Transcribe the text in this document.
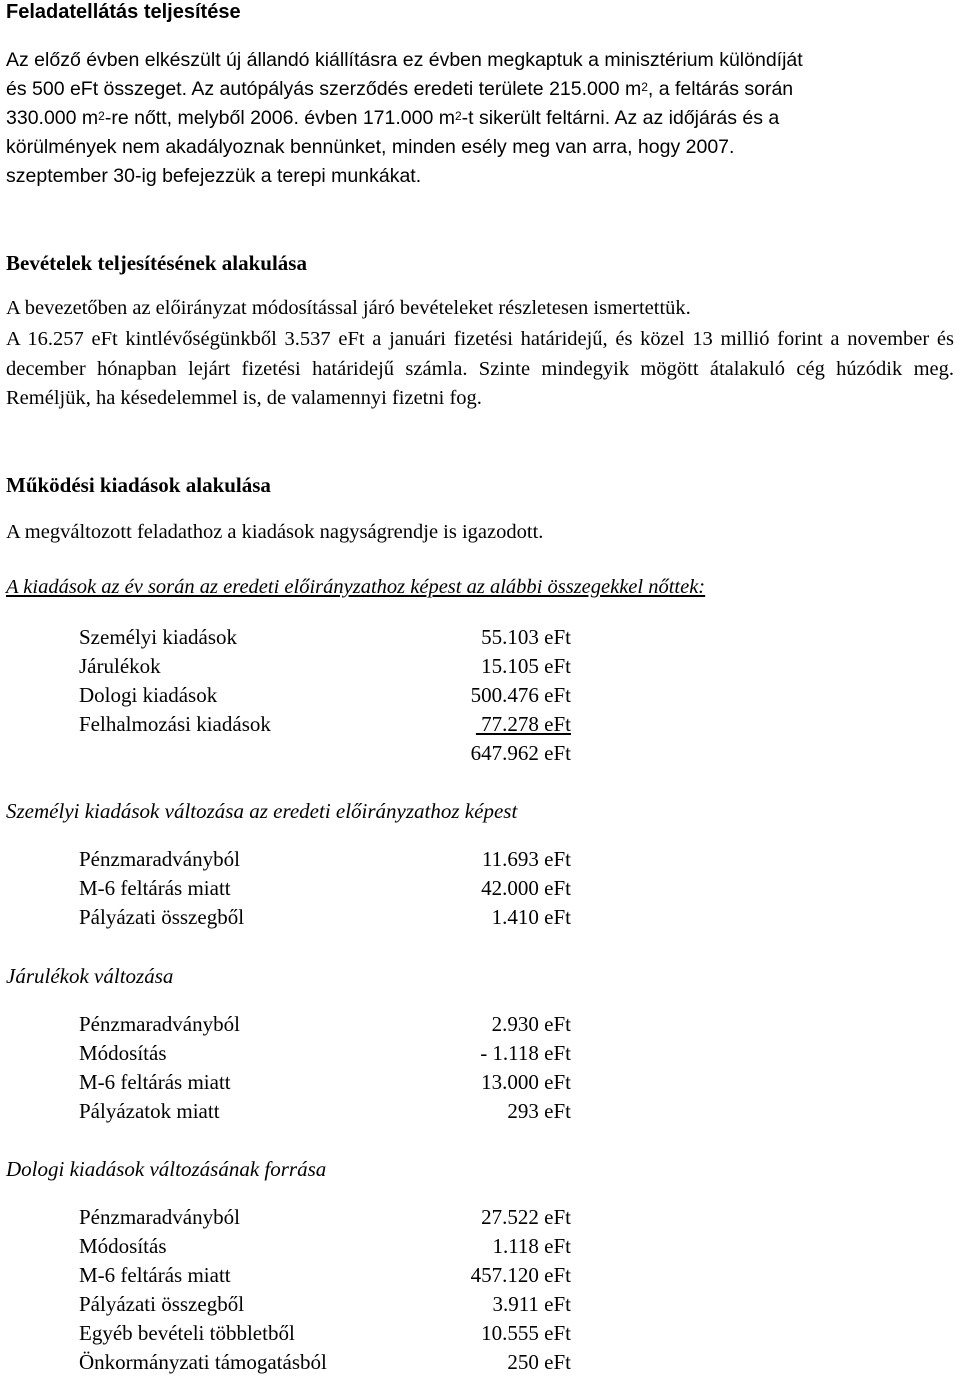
Feladatellátás teljesítése
Az előző évben elkészült új állandó kiállításra ez évben megkaptuk a minisztérium különdíját
és 500 eFt összeget. Az autópályás szerződés eredeti területe 215.000 $m^2$, a feltárás során
330.000 $m^2-re$ nőtt, melyből 2006. évben 171.000 $m^2-t$ sikerült feltárni. Az az időjárás és a
körülmények nem akadályoznak bennünket, minden esély meg van arra, hogy 2007.
szeptember 30-ig befejezzük a terepi munkákat.
Bevételek teljesítésének alakulása
A bevezetőben az előirányzat módosítással járó bevételeket részletesen ismertettük.
A 16.257 eFt kintlévőségünkből 3.537 eFt a januári fizetési határidejű, és közel 13 millió forint a november és december hónapban lejárt fizetési határidejű számla. Szinte mindegyik mögött átalakuló cég húzódik meg. Reméljük, ha késedelemmel is, de valamennyi fizetni fog.
Működési kiadások alakulása
A megváltozott feladathoz a kiadások nagyságrendje is igazodott.
A kiadások az év során az eredeti előirányzathoz képest az alábbi összegekkel nőttek:
Személyi kiadások	55.103 eFt
Járulékok	15.105 eFt
Dologi kiadások	500.476 eFt
Felhalmozási kiadások	77.278 eFt
647.962 eFt
Személyi kiadások változása az eredeti előirányzathoz képest
Pénzmaradványból	11.693 eFt
M-6 feltárás miatt	42.000 eFt
Pályázati összegből	1.410 eFt
Járulékok változása
Pénzmaradványból	2.930 eFt
Módosítás	- 1.118 eFt
M-6 feltárás miatt	13.000 eFt
Pályázatok miatt	293 eFt
Dologi kiadások változásának forrása
Pénzmaradványból	27.522 eFt
Módosítás	1.118 eFt
M-6 feltárás miatt	457.120 eFt
Pályázati összegből	3.911 eFt
Egyéb bevételi többletből	10.555 eFt
Önkormányzati támogatásból	250 eFt
